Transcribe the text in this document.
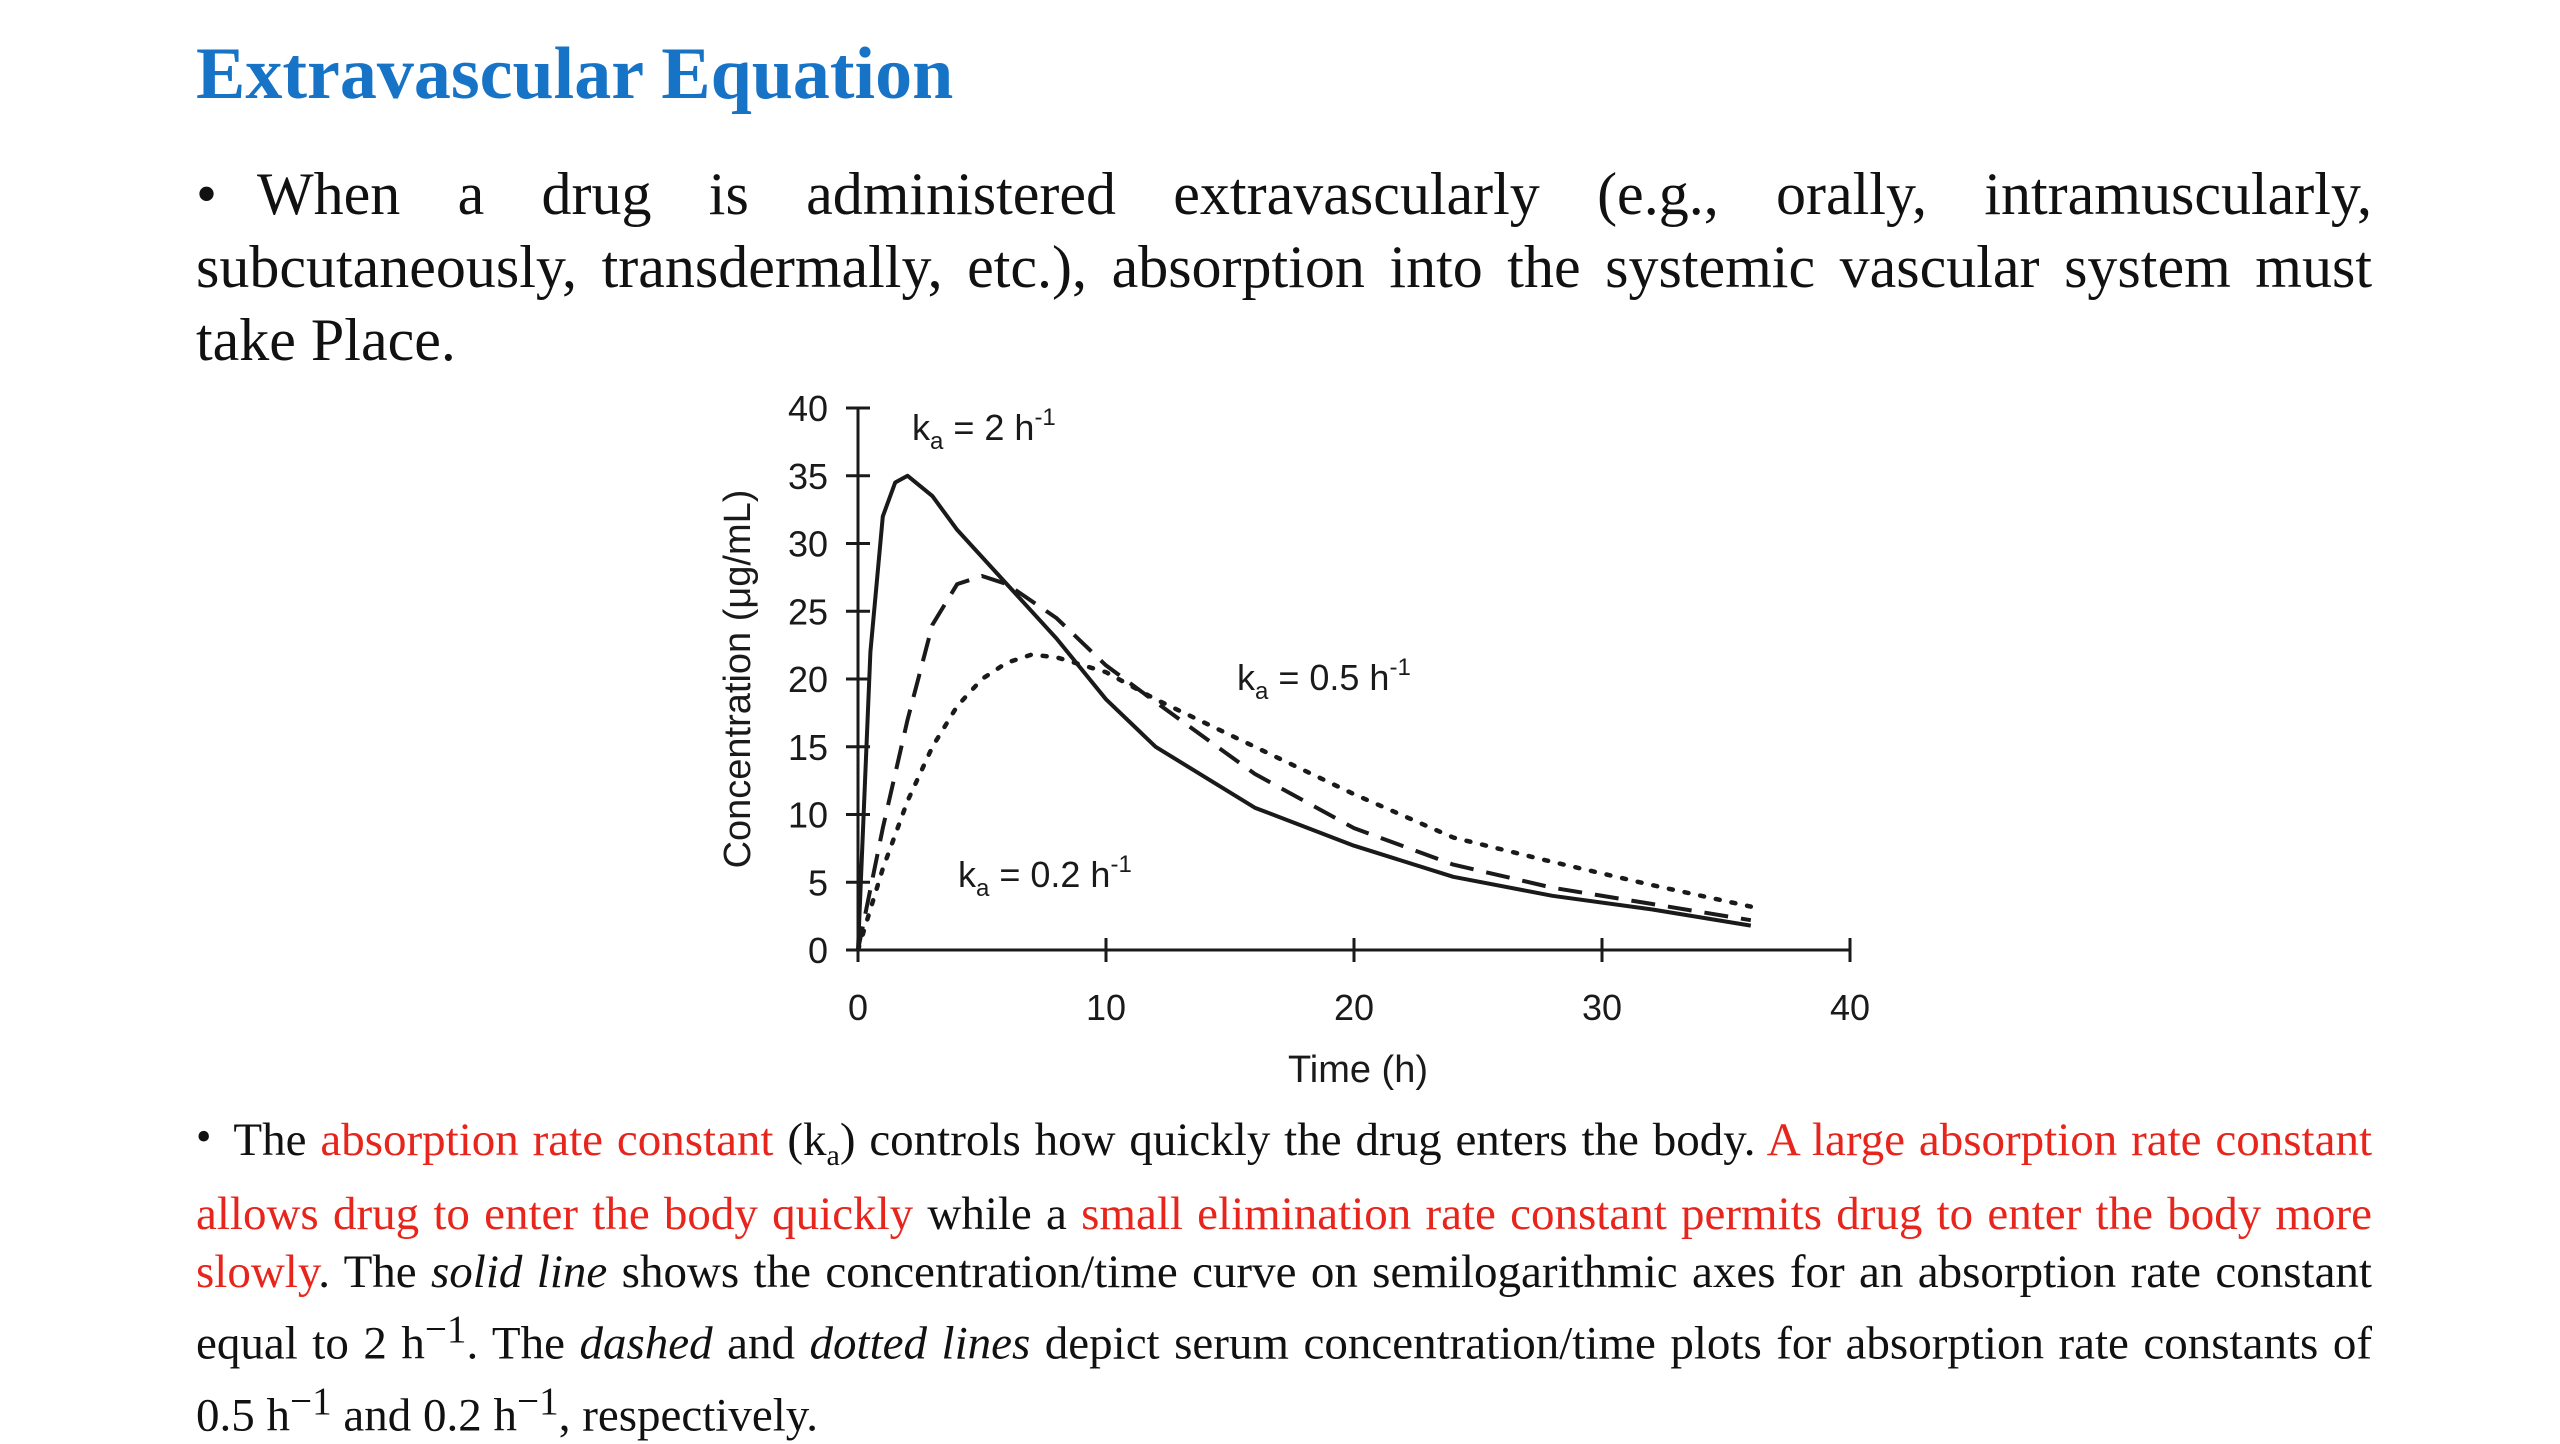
Extravascular Equation

• When a drug is administered extravascularly (e.g., orally, intramuscularly, subcutaneously, transdermally, etc.), absorption into the systemic vascular system must take Place.

0
5
10
15
20
25
30
35
40
0	10	20	30	40
Time (h)
Concentration (μg/mL)
$k_a = 2$ $h^{-1}$
$k_a = 0.5$ $h^{-1}$
$k_a = 0.2$ $h^{-1}$

• The absorption rate constant $(k_a)$ controls how quickly the drug enters the body. A large absorption rate constant allows drug to enter the body quickly while a small elimination rate constant permits drug to enter the body more slowly. The solid line shows the concentration/time curve on semilogarithmic axes for an absorption rate constant equal to 2 $h^{-1}$. The dashed and dotted lines depict serum concentration/time plots for absorption rate constants of 0.5 $h^{-1}$ and 0.2 $h^{-1}$, respectively.
